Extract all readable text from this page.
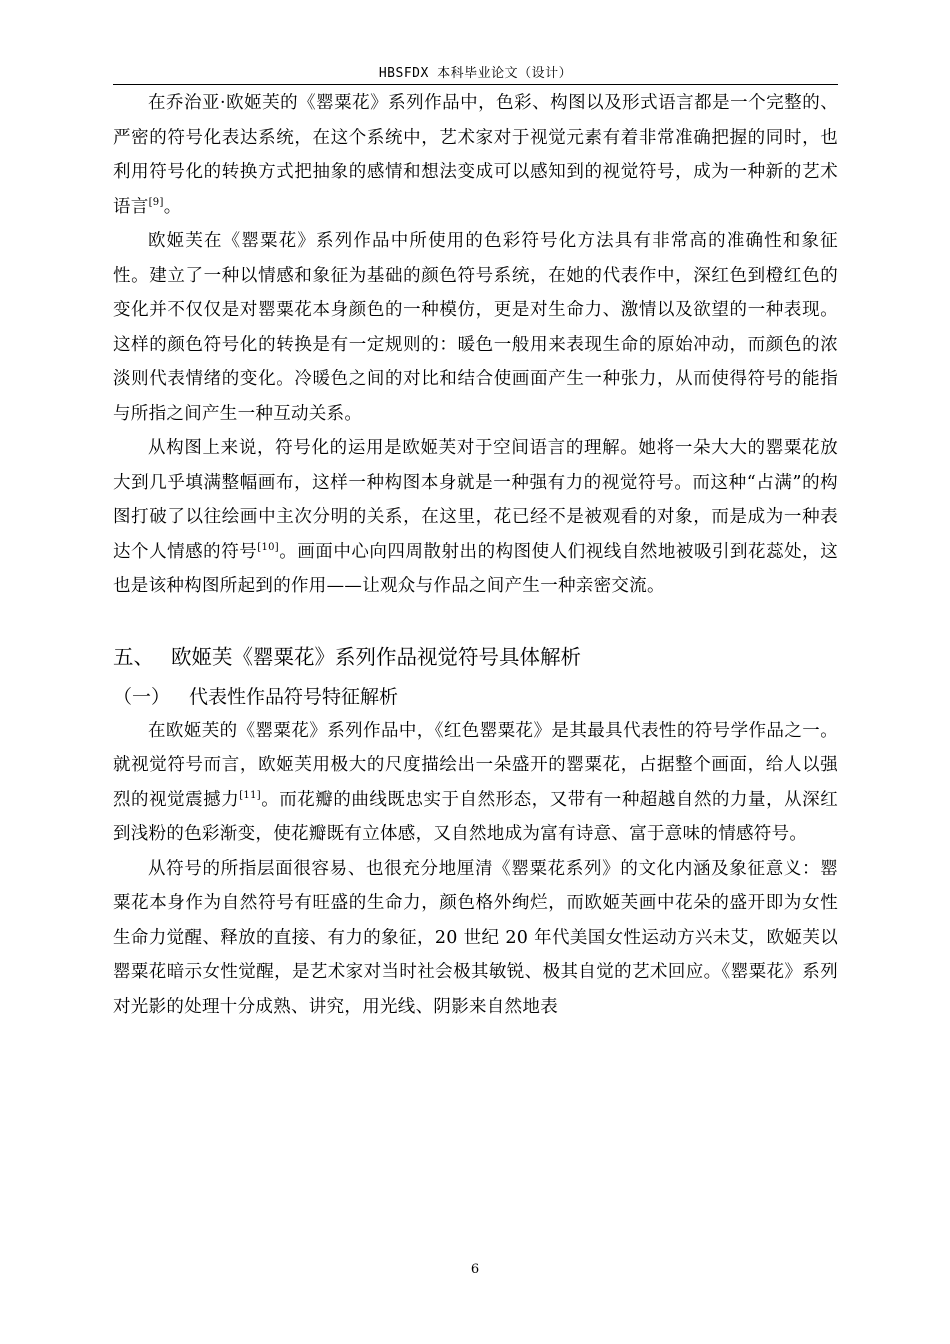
HBSFDX 本科毕业论文（设计）

在乔治亚·欧姬芙的《罂粟花》系列作品中，色彩、构图以及形式语言都是一个完整的、严密的符号化表达系统，在这个系统中，艺术家对于视觉元素有着非常准确把握的同时，也利用符号化的转换方式把抽象的感情和想法变成可以感知到的视觉符号，成为一种新的艺术语言[9]。

欧姬芙在《罂粟花》系列作品中所使用的色彩符号化方法具有非常高的准确性和象征性。建立了一种以情感和象征为基础的颜色符号系统，在她的代表作中，深红色到橙红色的变化并不仅仅是对罂粟花本身颜色的一种模仿，更是对生命力、激情以及欲望的一种表现。这样的颜色符号化的转换是有一定规则的：暖色一般用来表现生命的原始冲动，而颜色的浓淡则代表情绪的变化。冷暖色之间的对比和结合使画面产生一种张力，从而使得符号的能指与所指之间产生一种互动关系。

从构图上来说，符号化的运用是欧姬芙对于空间语言的理解。她将一朵大大的罂粟花放大到几乎填满整幅画布，这样一种构图本身就是一种强有力的视觉符号。而这种“占满”的构图打破了以往绘画中主次分明的关系，在这里，花已经不是被观看的对象，而是成为一种表达个人情感的符号[10]。画面中心向四周散射出的构图使人们视线自然地被吸引到花蕊处，这也是该种构图所起到的作用——让观众与作品之间产生一种亲密交流。

五、 欧姬芙《罂粟花》系列作品视觉符号具体解析
（一） 代表性作品符号特征解析

在欧姬芙的《罂粟花》系列作品中，《红色罂粟花》是其最具代表性的符号学作品之一。就视觉符号而言，欧姬芙用极大的尺度描绘出一朵盛开的罂粟花，占据整个画面，给人以强烈的视觉震撼力[11]。而花瓣的曲线既忠实于自然形态，又带有一种超越自然的力量，从深红到浅粉的色彩渐变，使花瓣既有立体感，又自然地成为富有诗意、富于意味的情感符号。

从符号的所指层面很容易、也很充分地厘清《罂粟花系列》的文化内涵及象征意义：罂粟花本身作为自然符号有旺盛的生命力，颜色格外绚烂，而欧姬芙画中花朵的盛开即为女性生命力觉醒、释放的直接、有力的象征，20 世纪 20 年代美国女性运动方兴未艾，欧姬芙以罂粟花暗示女性觉醒，是艺术家对当时社会极其敏锐、极其自觉的艺术回应。《罂粟花》系列对光影的处理十分成熟、讲究，用光线、阴影来自然地表

6
